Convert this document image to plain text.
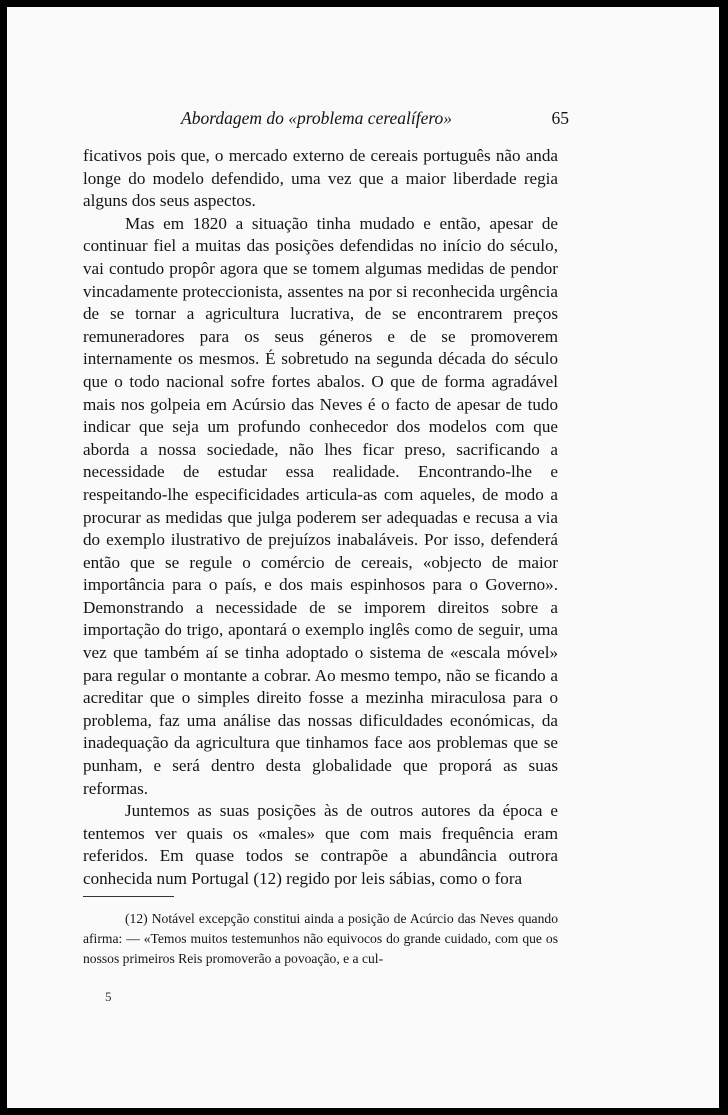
Abordagem do «problema cerealífero»	65

ficativos pois que, o mercado externo de cereais português não anda longe do modelo defendido, uma vez que a maior liberdade regia alguns dos seus aspectos.

Mas em 1820 a situação tinha mudado e então, apesar de continuar fiel a muitas das posições defendidas no início do século, vai contudo propôr agora que se tomem algumas medidas de pendor vincadamente proteccionista, assentes na por si reconhecida urgência de se tornar a agricultura lucrativa, de se encontrarem preços remuneradores para os seus géneros e de se promoverem internamente os mesmos. É sobretudo na segunda década do século que o todo nacional sofre fortes abalos. O que de forma agradável mais nos golpeia em Acúrsio das Neves é o facto de apesar de tudo indicar que seja um profundo conhecedor dos modelos com que aborda a nossa sociedade, não lhes ficar preso, sacrificando a necessidade de estudar essa realidade. Encontrando-lhe e respeitando-lhe especificidades articula-as com aqueles, de modo a procurar as medidas que julga poderem ser adequadas e recusa a via do exemplo ilustrativo de prejuízos inabaláveis. Por isso, defenderá então que se regule o comércio de cereais, «objecto de maior importância para o país, e dos mais espinhosos para o Governo». Demonstrando a necessidade de se imporem direitos sobre a importação do trigo, apontará o exemplo inglês como de seguir, uma vez que também aí se tinha adoptado o sistema de «escala móvel» para regular o montante a cobrar. Ao mesmo tempo, não se ficando a acreditar que o simples direito fosse a mezinha miraculosa para o problema, faz uma análise das nossas dificuldades económicas, da inadequação da agricultura que tinhamos face aos problemas que se punham, e será dentro desta globalidade que proporá as suas reformas.

Juntemos as suas posições às de outros autores da época e tentemos ver quais os «males» que com mais frequência eram referidos. Em quase todos se contrapõe a abundância outrora conhecida num Portugal (12) regido por leis sábias, como o fora

(12) Notável excepção constitui ainda a posição de Acúrcio das Neves quando afirma: — «Temos muitos testemunhos não equivocos do grande cuidado, com que os nossos primeiros Reis promoverão a povoação, e a cul-

5
